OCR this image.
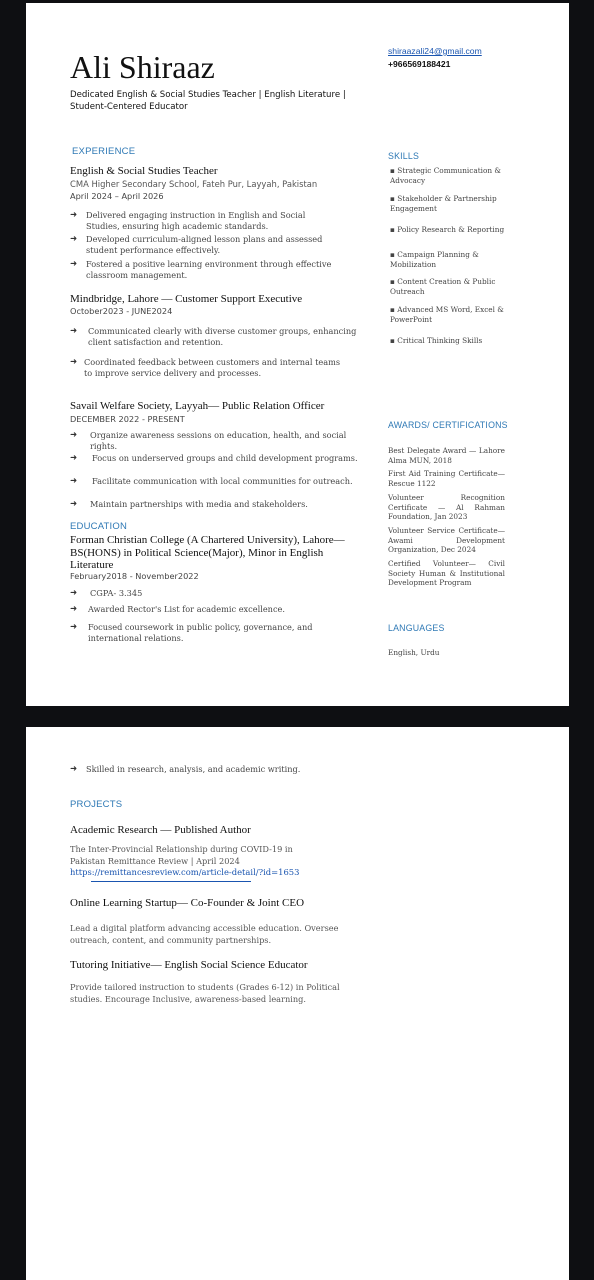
Ali Shiraaz
Dedicated English & Social Studies Teacher | English Literature | Student-Centered Educator
shiraazali24@gmail.com
+966569188421
EXPERIENCE
English & Social Studies Teacher
CMA Higher Secondary School, Fateh Pur, Layyah, Pakistan
April 2024 – April 2026
➜	Delivered engaging instruction in English and Social Studies, ensuring high academic standards.
➜	Developed curriculum-aligned lesson plans and assessed student performance effectively.
➜	Fostered a positive learning environment through effective classroom management.
Mindbridge, Lahore — Customer Support Executive
October2023 - JUNE2024
➜	Communicated clearly with diverse customer groups, enhancing client satisfaction and retention.
➜ Coordinated feedback between customers and internal teams to improve service delivery and processes.
Savail Welfare Society, Layyah— Public Relation Officer
DECEMBER 2022 - PRESENT
➜	Organize awareness sessions on education, health, and social rights.
➜	Focus on underserved groups and child development programs.
➜	Facilitate communication with local communities for outreach.
➜	Maintain partnerships with media and stakeholders.
EDUCATION
Forman Christian College (A Chartered University), Lahore— BS(HONS) in Political Science(Major), Minor in English Literature
February2018 - November2022
➜	CGPA- 3.345
➜	Awarded Rector's List for academic excellence.
➜	Focused coursework in public policy, governance, and international relations.
SKILLS
▪ Strategic Communication & Advocacy
▪ Stakeholder & Partnership Engagement
▪ Policy Research & Reporting
▪ Campaign Planning & Mobilization
▪ Content Creation & Public Outreach
▪ Advanced MS Word, Excel & PowerPoint
▪ Critical Thinking Skills
AWARDS/ CERTIFICATIONS
Best Delegate Award — Lahore Alma MUN, 2018
First Aid Training Certificate— Rescue 1122
Volunteer Recognition Certificate — Al Rahman Foundation, Jan 2023
Volunteer Service Certificate— Awami Development Organization, Dec 2024
Certified Volunteer— Civil Society Human & Institutional Development Program
LANGUAGES
English, Urdu
➜	Skilled in research, analysis, and academic writing.
PROJECTS
Academic Research — Published Author
The Inter-Provincial Relationship during COVID-19 in Pakistan Remittance Review | April 2024
https://remittancesreview.com/article-detail/?id=1653
Online Learning Startup— Co-Founder & Joint CEO
Lead a digital platform advancing accessible education. Oversee outreach, content, and community partnerships.
Tutoring Initiative— English Social Science Educator
Provide tailored instruction to students (Grades 6-12) in Political studies. Encourage Inclusive, awareness-based learning.
